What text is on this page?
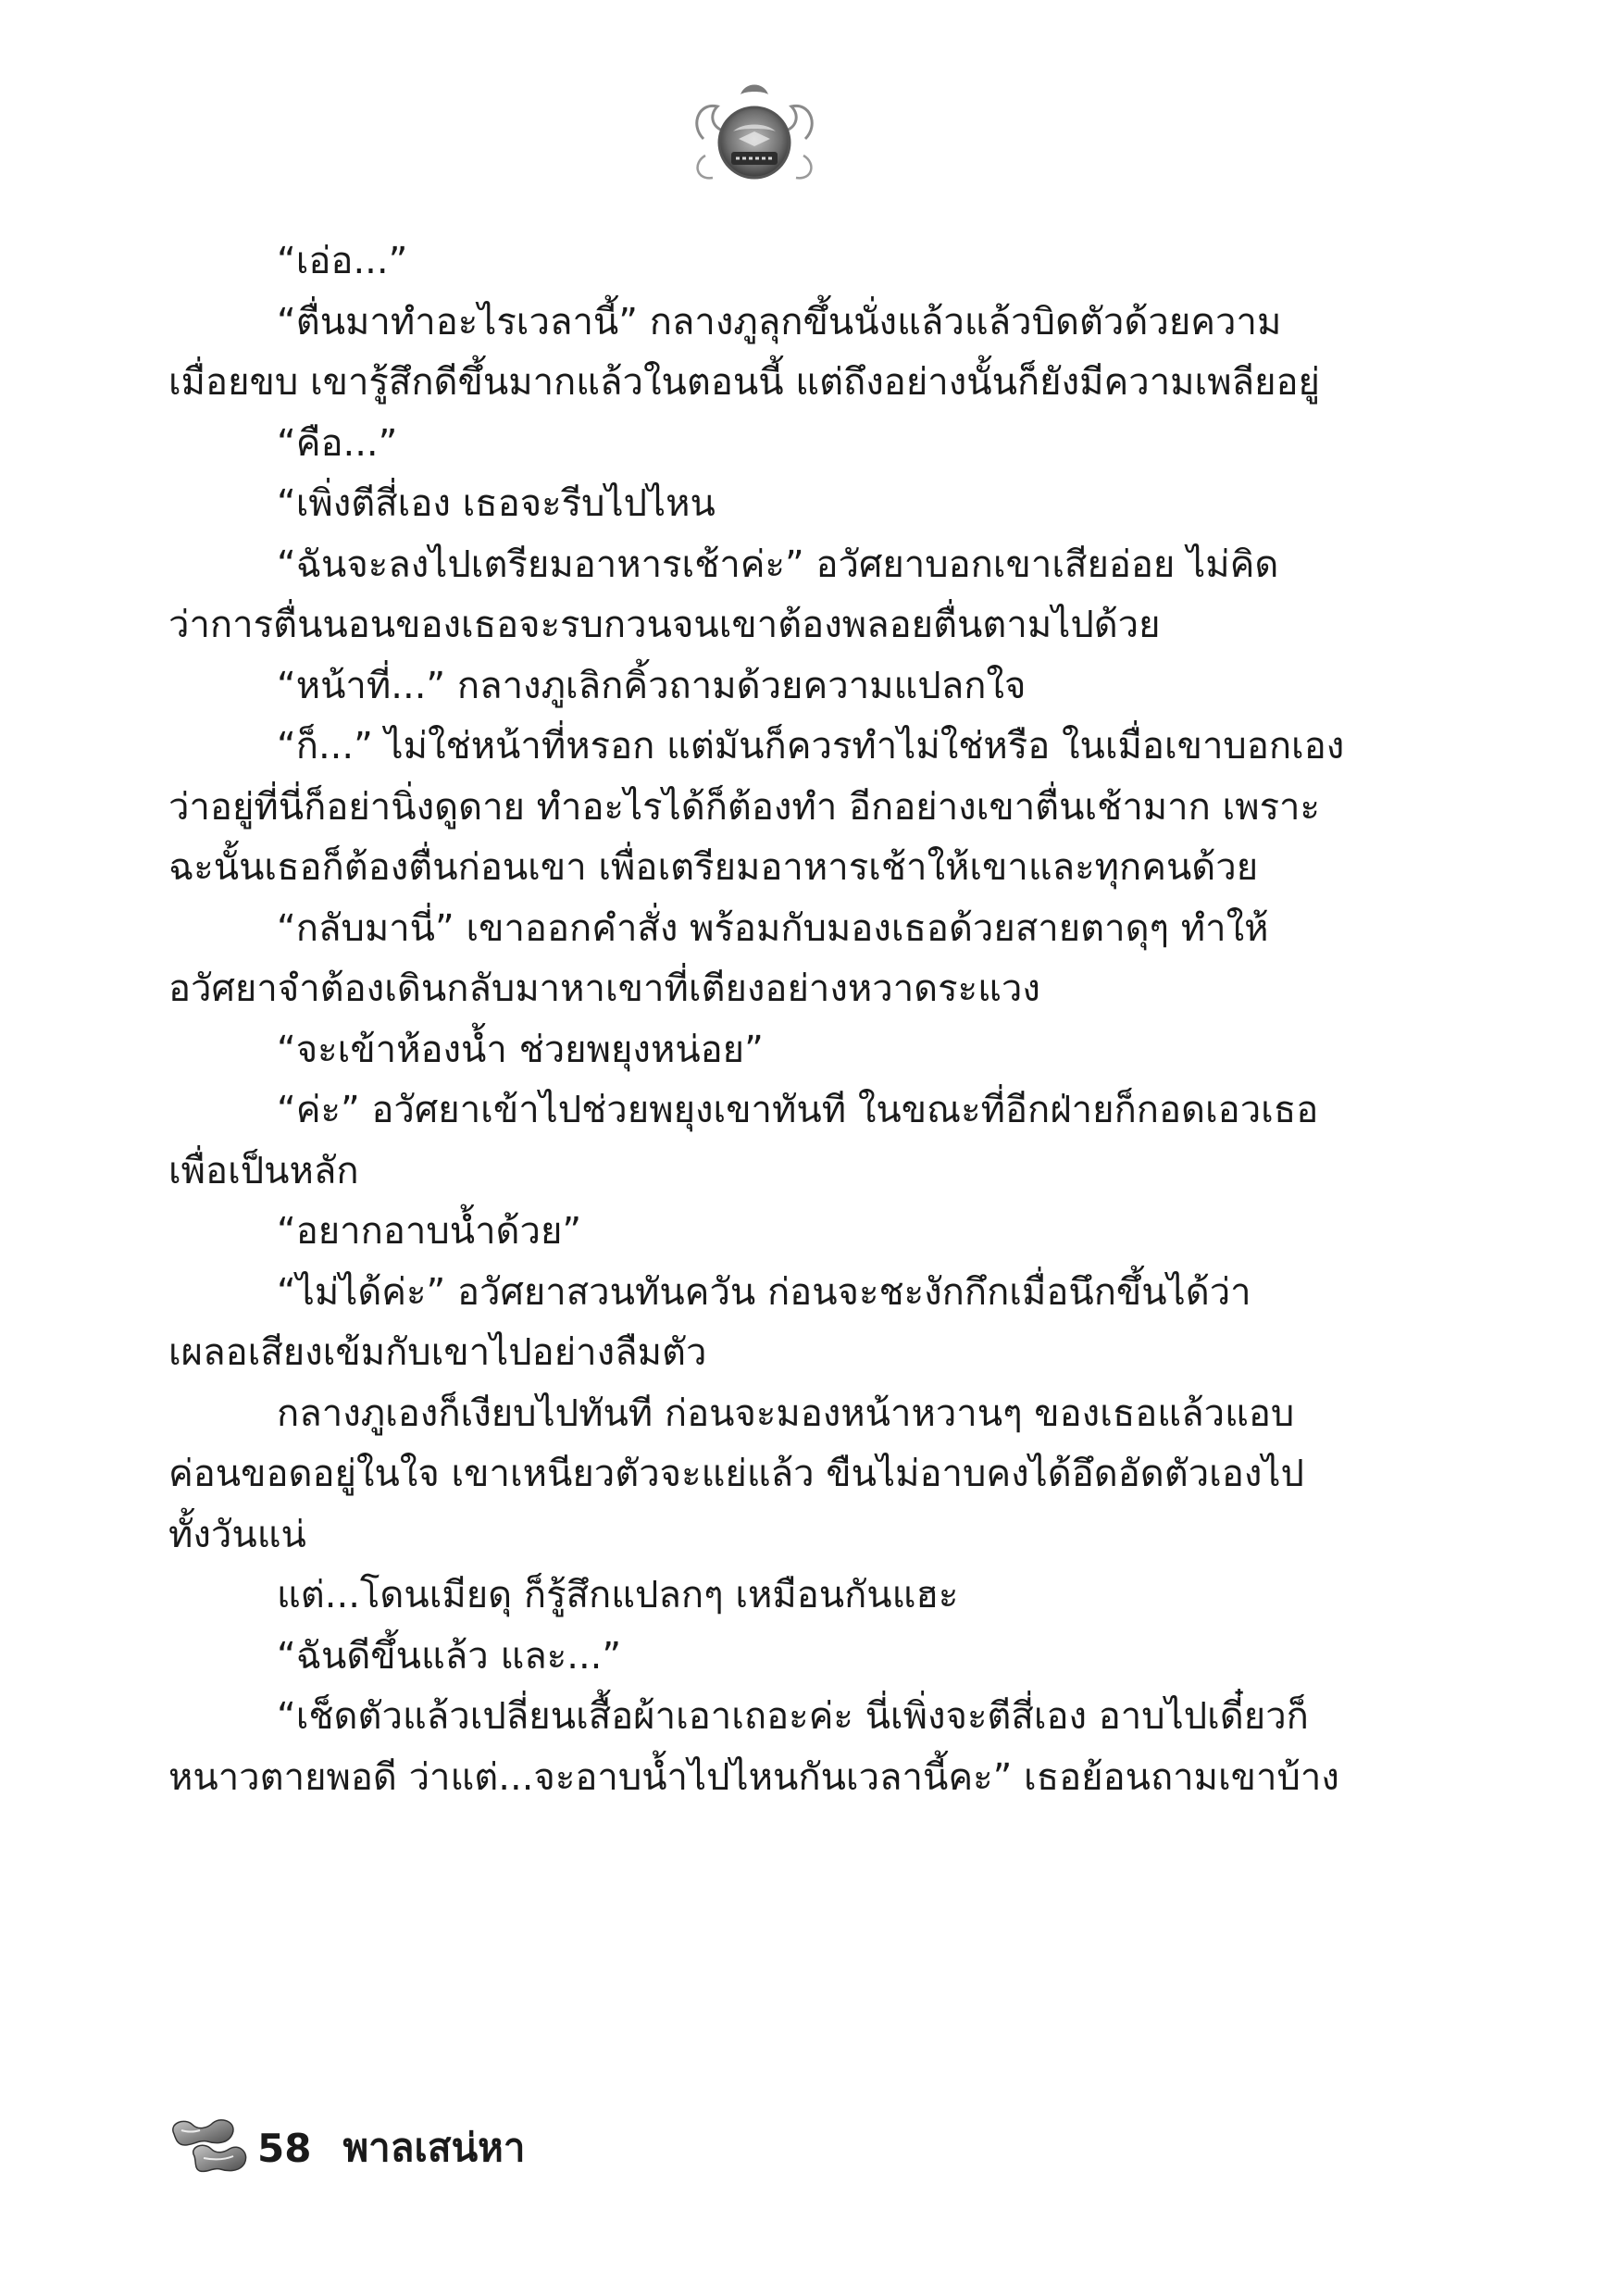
“เอ่อ...”

“ตื่นมาทำอะไรเวลานี้” กลางภูลุกขึ้นนั่งแล้วแล้วบิดตัวด้วยความ

เมื่อยขบ เขารู้สึกดีขึ้นมากแล้วในตอนนี้ แต่ถึงอย่างนั้นก็ยังมีความเพลียอยู่

“คือ...”

“เพิ่งตีสี่เอง เธอจะรีบไปไหน

“ฉันจะลงไปเตรียมอาหารเช้าค่ะ” อวัศยาบอกเขาเสียอ่อย ไม่คิด

ว่าการตื่นนอนของเธอจะรบกวนจนเขาต้องพลอยตื่นตามไปด้วย

“หน้าที่...” กลางภูเลิกคิ้วถามด้วยความแปลกใจ

“ก็...” ไม่ใช่หน้าที่หรอก แต่มันก็ควรทำไม่ใช่หรือ ในเมื่อเขาบอกเอง

ว่าอยู่ที่นี่ก็อย่านิ่งดูดาย ทำอะไรได้ก็ต้องทำ อีกอย่างเขาตื่นเช้ามาก เพราะ

ฉะนั้นเธอก็ต้องตื่นก่อนเขา เพื่อเตรียมอาหารเช้าให้เขาและทุกคนด้วย

“กลับมานี่” เขาออกคำสั่ง พร้อมกับมองเธอด้วยสายตาดุๆ ทำให้

อวัศยาจำต้องเดินกลับมาหาเขาที่เตียงอย่างหวาดระแวง

“จะเข้าห้องน้ำ ช่วยพยุงหน่อย”

“ค่ะ” อวัศยาเข้าไปช่วยพยุงเขาทันที ในขณะที่อีกฝ่ายก็กอดเอวเธอ

เพื่อเป็นหลัก

“อยากอาบน้ำด้วย”

“ไม่ได้ค่ะ” อวัศยาสวนทันควัน ก่อนจะชะงักกึกเมื่อนึกขึ้นได้ว่า

เผลอเสียงเข้มกับเขาไปอย่างลืมตัว

กลางภูเองก็เงียบไปทันที ก่อนจะมองหน้าหวานๆ ของเธอแล้วแอบ

ค่อนขอดอยู่ในใจ เขาเหนียวตัวจะแย่แล้ว ขืนไม่อาบคงได้อึดอัดตัวเองไป

ทั้งวันแน่

แต่...โดนเมียดุ ก็รู้สึกแปลกๆ เหมือนกันแฮะ

“ฉันดีขึ้นแล้ว และ...”

“เช็ดตัวแล้วเปลี่ยนเสื้อผ้าเอาเถอะค่ะ นี่เพิ่งจะตีสี่เอง อาบไปเดี๋ยวก็

หนาวตายพอดี ว่าแต่...จะอาบน้ำไปไหนกันเวลานี้คะ” เธอย้อนถามเขาบ้าง

58 พาลเสน่หา
